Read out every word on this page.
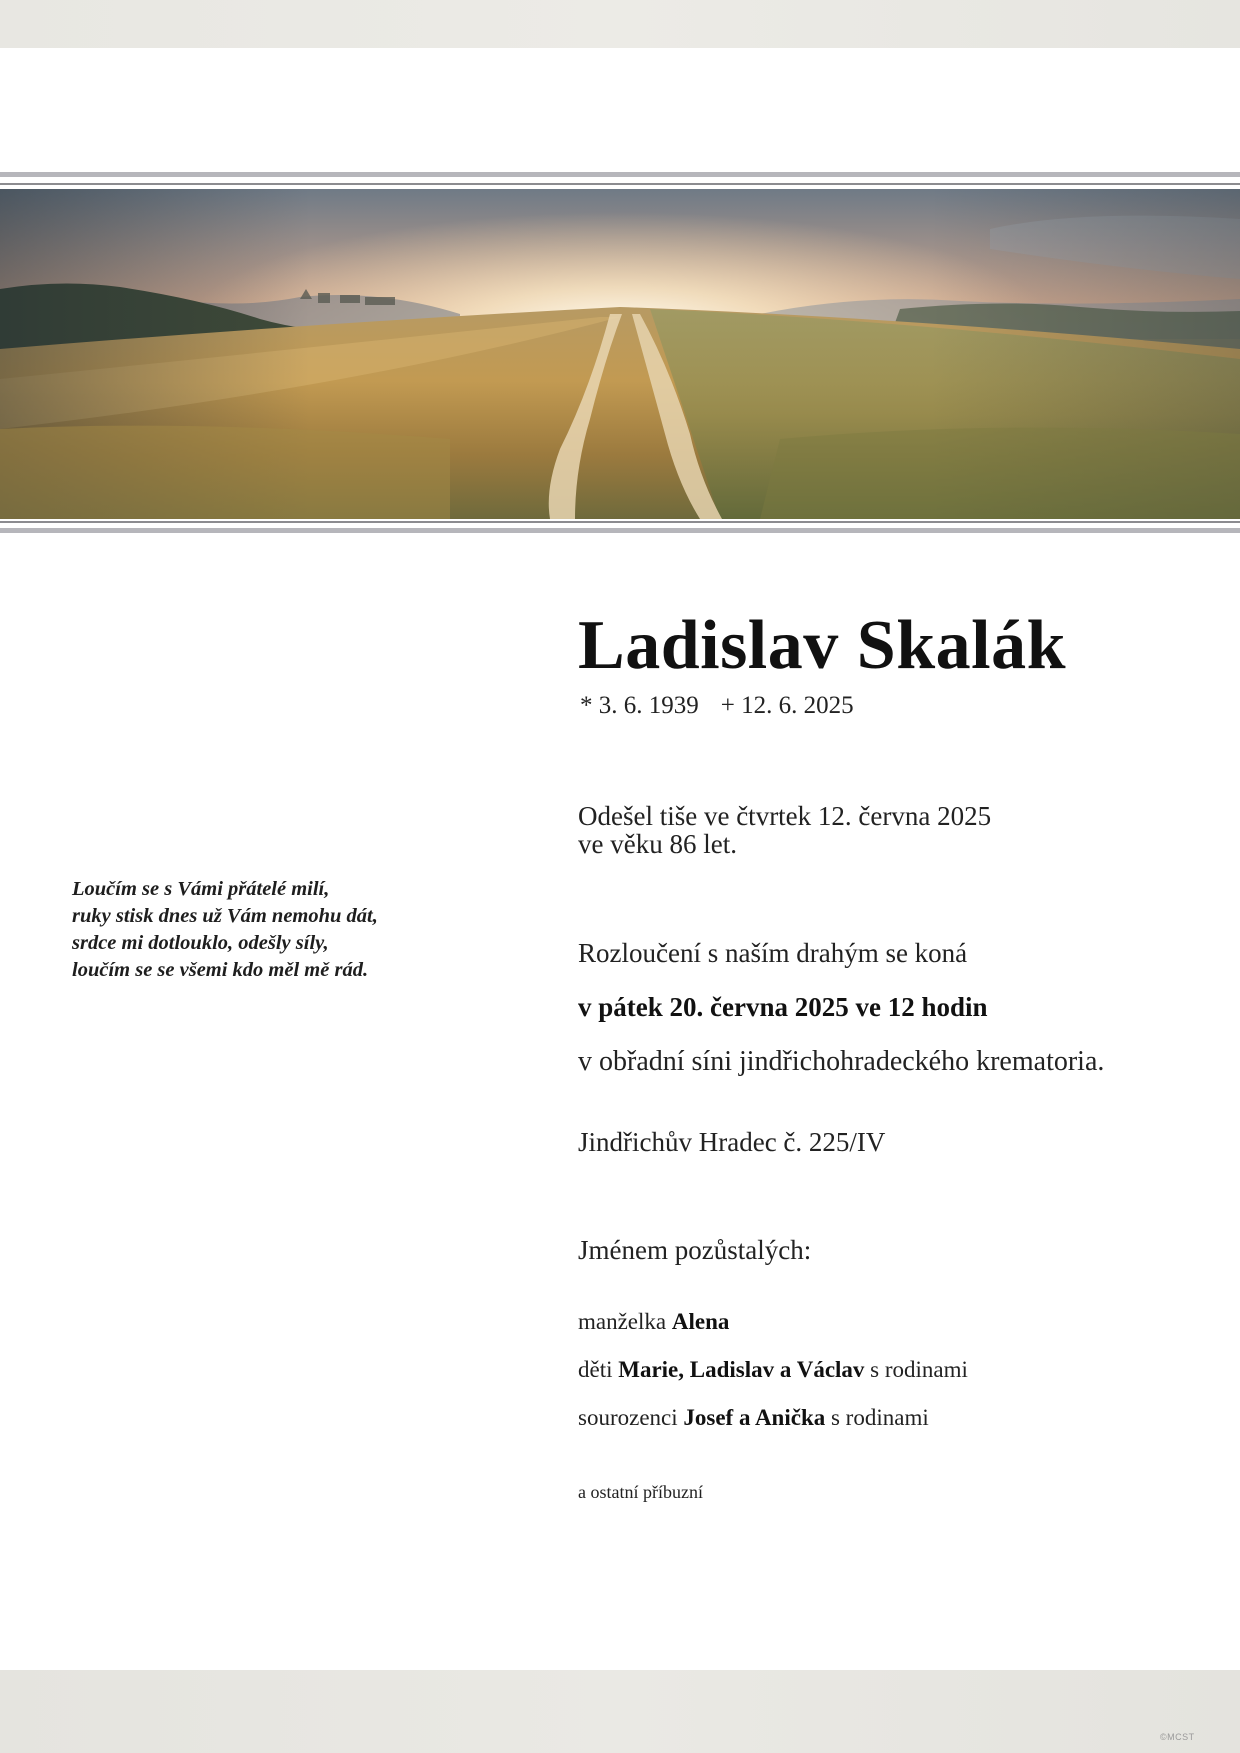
Loučím se s Vámi přátelé milí,
ruky stisk dnes už Vám nemohu dát,
srdce mi dotlouklo, odešly síly,
loučím se se všemi kdo měl mě rád.
Ladislav Skalák
* 3. 6. 1939 + 12. 6. 2025
Odešel tiše ve čtvrtek 12. června 2025
ve věku 86 let.
Rozloučení s naším drahým se koná
v pátek 20. června 2025 ve 12 hodin
v obřadní síni jindřichohradeckého krematoria.
Jindřichův Hradec č. 225/IV
Jménem pozůstalých:
manželka Alena
děti Marie, Ladislav a Václav s rodinami
sourozenci Josef a Anička s rodinami
a ostatní příbuzní
©MCST
